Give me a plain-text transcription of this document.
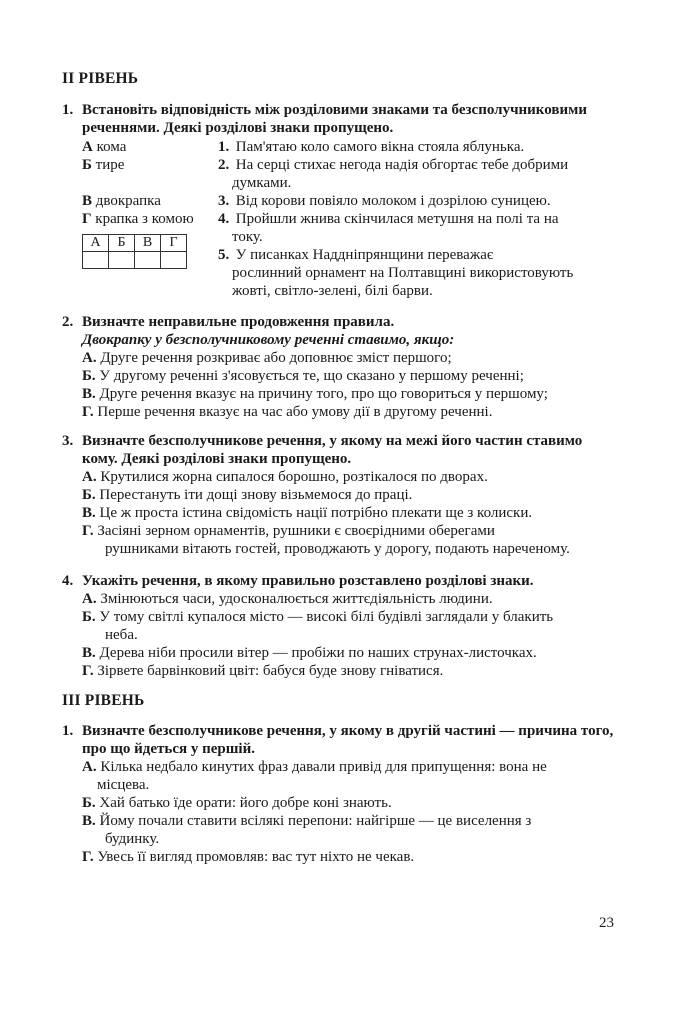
ІІ РІВЕНЬ
1. Встановіть відповідність між розділовими знаками та безсполучниковими
реченнями. Деякі розділові знаки пропущено.
А кома
Б тире
В двокрапка
Г крапка з комою
1. Пам'ятаю коло самого вікна стояла яблунька.
2. На серці стихає негода надія обгортає тебе добрими
думками.
3. Від корови повіяло молоком і дозрілою суницею.
4. Пройшли жнива скінчилася метушня на полі та на
току.
5. У писанках Наддніпрянщини переважає
рослинний орнамент на Полтавщині використовують
жовті, світло-зелені, білі барви.
А	Б	В	Г

2. Визначте неправильне продовження правила.
Двокрапку у безсполучниковому реченні ставимо, якщо:
А. Друге речення розкриває або доповнює зміст першого;
Б. У другому реченні з'ясовується те, що сказано у першому реченні;
В. Друге речення вказує на причину того, про що говориться у першому;
Г. Перше речення вказує на час або умову дії в другому реченні.
3. Визначте безсполучникове речення, у якому на межі його частин ставимо
кому. Деякі розділові знаки пропущено.
А. Крутилися жорна сипалося борошно, розтікалося по дворах.
Б. Перестануть іти дощі знову візьмемося до праці.
В. Це ж проста істина свідомість нації потрібно плекати ще з колиски.
Г. Засіяні зерном орнаментів, рушники є своєрідними оберегами
рушниками вітають гостей, проводжають у дорогу, подають нареченому.
4. Укажіть речення, в якому правильно розставлено розділові знаки.
А. Змінюються часи, удосконалюється життєдіяльність людини.
Б. У тому світлі купалося місто — високі білі будівлі заглядали у блакить
неба.
В. Дерева ніби просили вітер — пробіжи по наших струнах-листочках.
Г. Зірвете барвінковий цвіт: бабуся буде знову гніватися.
ІІІ РІВЕНЬ
1. Визначте безсполучникове речення, у якому в другій частині — причина того,
про що йдеться у першій.
А. Кілька недбало кинутих фраз давали привід для припущення: вона не
місцева.
Б. Хай батько їде орати: його добре коні знають.
В. Йому почали ставити всілякі перепони: найгірше — це виселення з
будинку.
Г. Увесь її вигляд промовляв: вас тут ніхто не чекав.
23
